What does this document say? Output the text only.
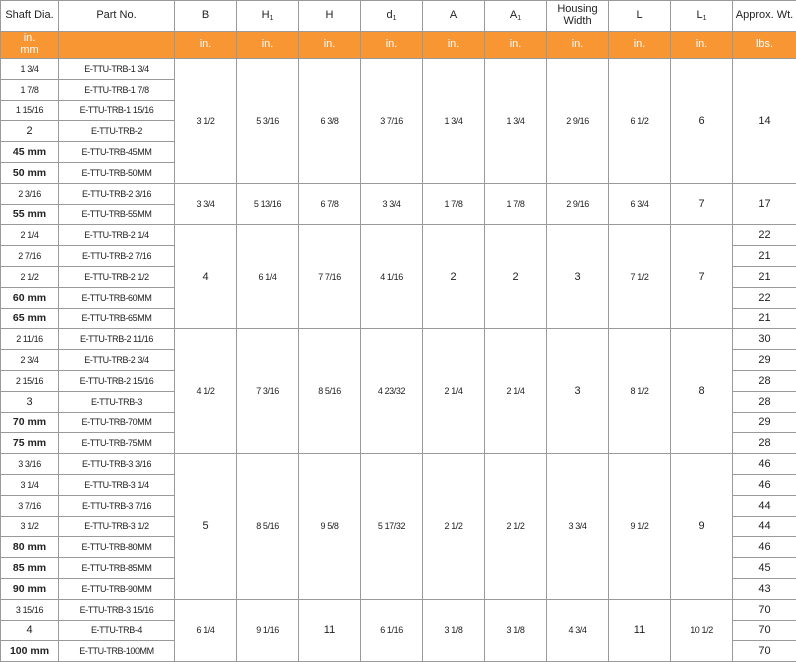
Shaft Dia.	Part No.	B	$H_1$	H	$d_1$	A	$A_1$	Housing Width	L	$L_1$	Approx. Wt.
in.
mm		in.	in.	in.	in.	in.	in.	in.	in.	in.	lbs.
1 3/4	E-TTU-TRB-1 3/4	3 1/2	5 3/16	6 3/8	3 7/16	1 3/4	1 3/4	2 9/16	6 1/2	6	14
1 7/8	E-TTU-TRB-1 7/8										
1 15/16	E-TTU-TRB-1 15/16										
2	E-TTU-TRB-2										
45 mm	E-TTU-TRB-45MM										
50 mm	E-TTU-TRB-50MM										
2 3/16	E-TTU-TRB-2 3/16	3 3/4	5 13/16	6 7/8	3 3/4	1 7/8	1 7/8	2 9/16	6 3/4	7	17
55 mm	E-TTU-TRB-55MM										
2 1/4	E-TTU-TRB-2 1/4	4	6 1/4	7 7/16	4 1/16	2	2	3	7 1/2	7	22
2 7/16	E-TTU-TRB-2 7/16										21
2 1/2	E-TTU-TRB-2 1/2										21
60 mm	E-TTU-TRB-60MM										22
65 mm	E-TTU-TRB-65MM										21
2 11/16	E-TTU-TRB-2 11/16	4 1/2	7 3/16	8 5/16	4 23/32	2 1/4	2 1/4	3	8 1/2	8	30
2 3/4	E-TTU-TRB-2 3/4										29
2 15/16	E-TTU-TRB-2 15/16										28
3	E-TTU-TRB-3										28
70 mm	E-TTU-TRB-70MM										29
75 mm	E-TTU-TRB-75MM										28
3 3/16	E-TTU-TRB-3 3/16	5	8 5/16	9 5/8	5 17/32	2 1/2	2 1/2	3 3/4	9 1/2	9	46
3 1/4	E-TTU-TRB-3 1/4										46
3 7/16	E-TTU-TRB-3 7/16										44
3 1/2	E-TTU-TRB-3 1/2										44
80 mm	E-TTU-TRB-80MM										46
85 mm	E-TTU-TRB-85MM										45
90 mm	E-TTU-TRB-90MM										43
3 15/16	E-TTU-TRB-3 15/16	6 1/4	9 1/16	11	6 1/16	3 1/8	3 1/8	4 3/4	11	10 1/2	70
4	E-TTU-TRB-4										70
100 mm	E-TTU-TRB-100MM										70
